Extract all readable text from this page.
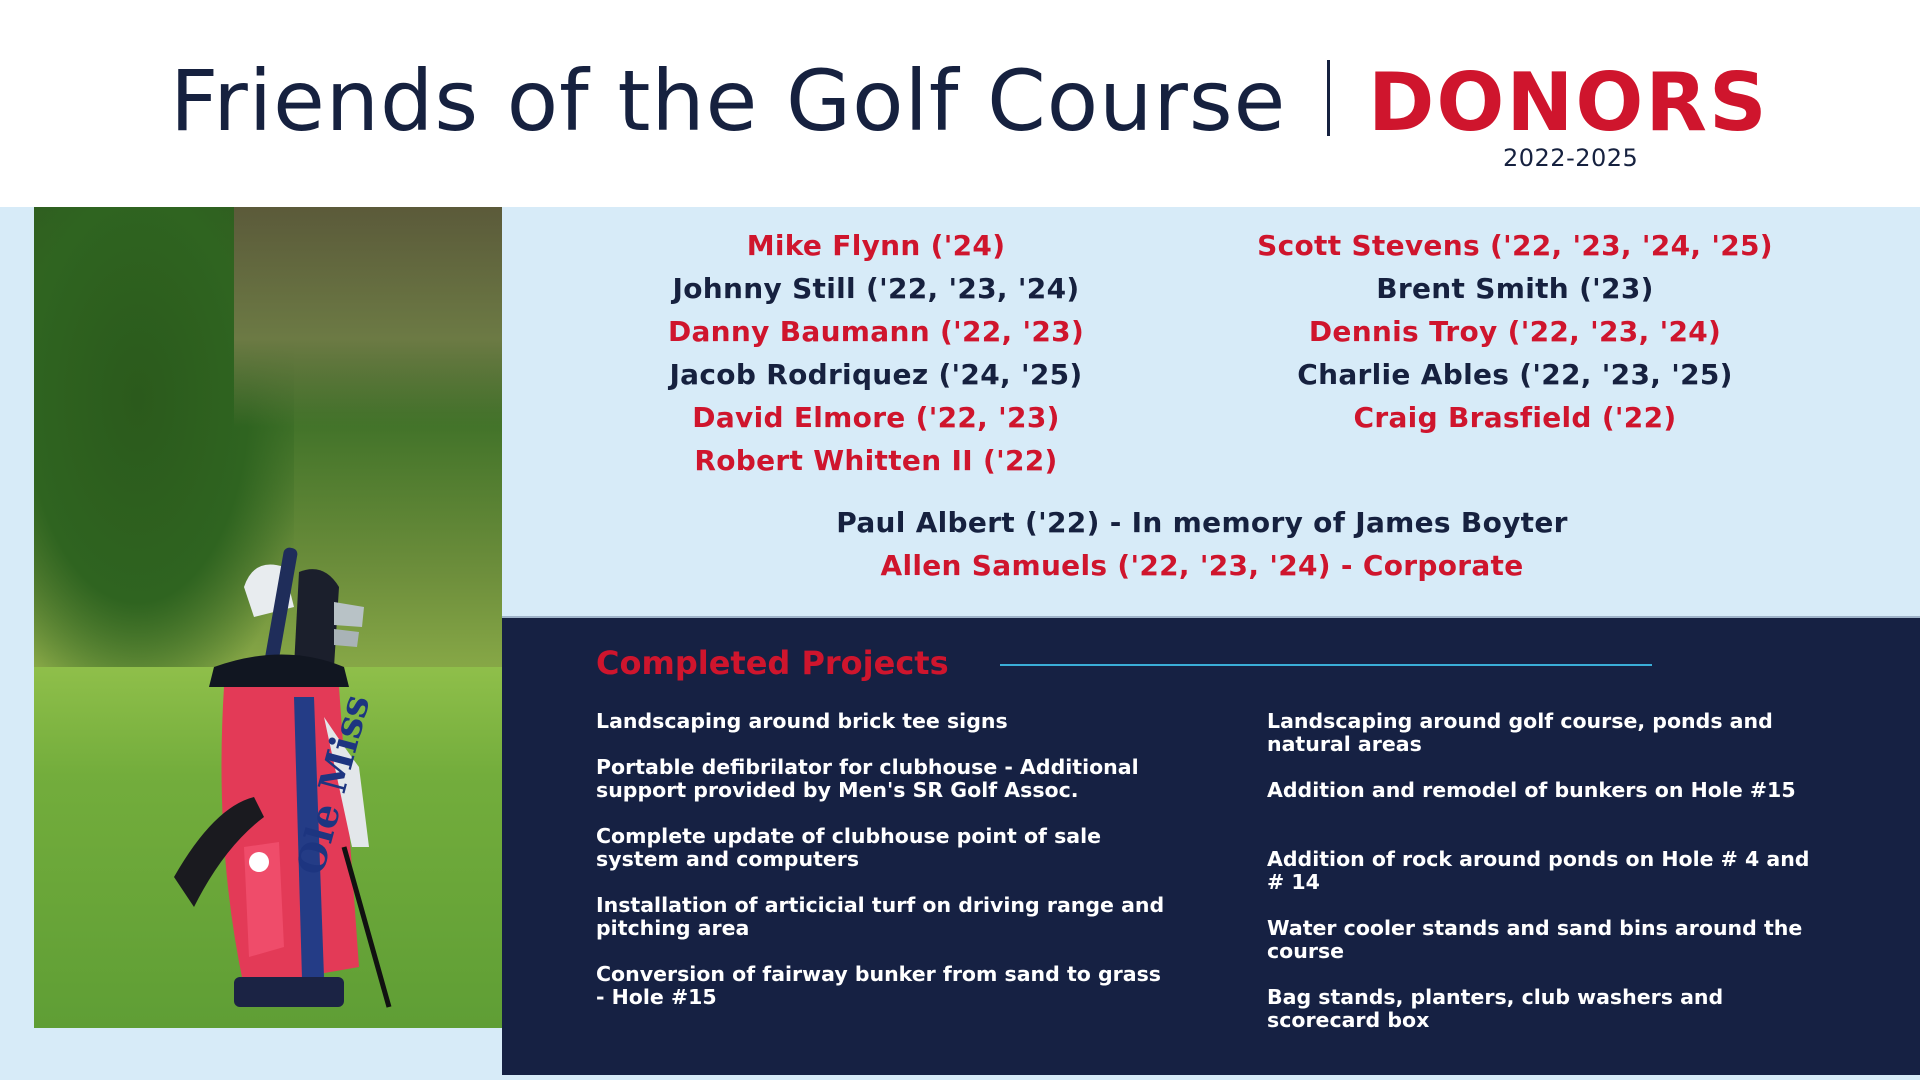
Friends of the Golf Course DONORS
2022-2025
Ole Miss
Mike Flynn ('24)
Johnny Still ('22, '23, '24)
Danny Baumann ('22, '23)
Jacob Rodriquez ('24, '25)
David Elmore ('22, '23)
Robert Whitten II ('22)
Scott Stevens ('22, '23, '24, '25)
Brent Smith ('23)
Dennis Troy ('22, '23, '24)
Charlie Ables ('22, '23, '25)
Craig Brasfield ('22)
Paul Albert ('22) - In memory of James Boyter
Allen Samuels ('22, '23, '24) - Corporate
Completed Projects
Landscaping around brick tee signs
Portable defibrilator for clubhouse - Additional support provided by Men's SR Golf Assoc.
Complete update of clubhouse point of sale system and computers
Installation of articicial turf on driving range and pitching area
Conversion of fairway bunker from sand to grass - Hole #15
Landscaping around golf course, ponds and natural areas
Addition and remodel of bunkers on Hole #15
Addition of rock around ponds on Hole # 4 and # 14
Water cooler stands and sand bins around the course
Bag stands, planters, club washers and scorecard box
